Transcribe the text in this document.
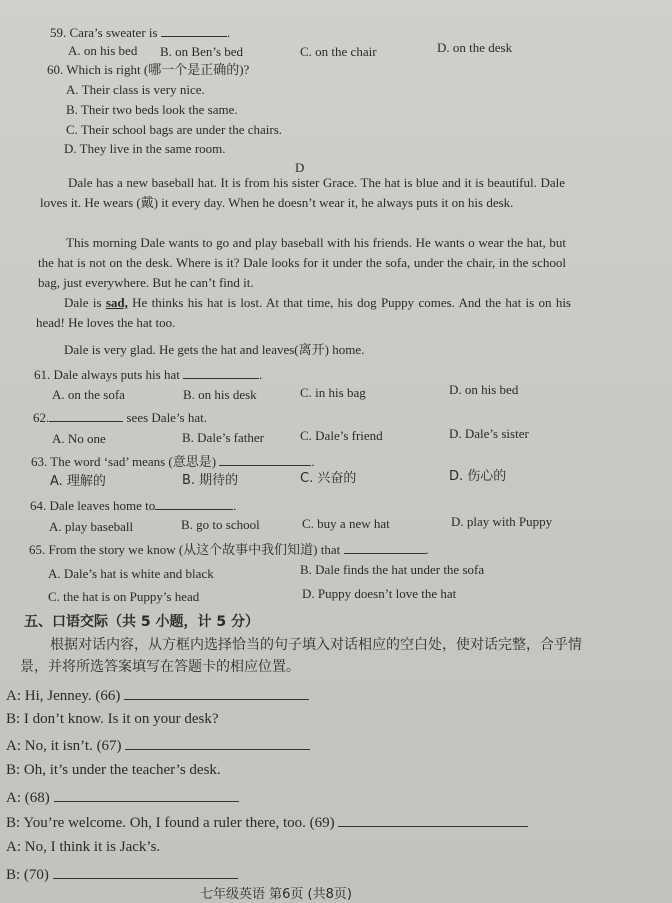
59. Cara’s sweater is	.
A. on his bed B. on Ben’s bed	C. on the chair	D. on the desk
60. Which is right (哪一个是正确的)?
A. Their class is very nice.
B. Their two beds look the same.
C. Their school bags are under the chairs.
D. They live in the same room.
D
Dale has a new baseball hat. It is from his sister Grace. The hat is blue and it is beautiful. Dale loves it. He wears (戴) it every day. When he doesn’t wear it, he always puts it on his desk.
This morning Dale wants to go and play baseball with his friends. He wants o wear the hat, but the hat is not on the desk. Where is it? Dale looks for it under the sofa, under the chair, in the school bag, just everywhere. But he can’t find it.
Dale is sad, He thinks his hat is lost. At that time, his dog Puppy comes. And the hat is on his head! He loves the hat too.
Dale is very glad. He gets the hat and leaves(离开) home.
61. Dale always puts his hat	.
A. on the sofa	B. on his desk	C. in his bag	D. on his bed
62.	sees Dale’s hat.
A. No one	B. Dale’s father	C. Dale’s friend	D. Dale’s sister
63. The word ‘sad’ means (意思是)	.
A. 理解的	B. 期待的	C. 兴奋的	D. 伤心的
64. Dale leaves home to	.
A. play baseball	B. go to school	C. buy a new hat	D. play with Puppy
65. From the story we know (从这个故事中我们知道) that	.
A. Dale’s hat is white and black	B. Dale finds the hat under the sofa
C. the hat is on Puppy’s head	D. Puppy doesn’t love the hat
五、口语交际（共 5 小题，计 5 分）
根据对话内容，从方框内选择恰当的句子填入对话相应的空白处，使对话完整，合乎情景，并将所选答案填写在答题卡的相应位置。
A: Hi, Jenney. (66)
B: I don’t know. Is it on your desk?
A: No, it isn’t. (67)
B: Oh, it’s under the teacher’s desk.
A: (68)
B: You’re welcome. Oh, I found a ruler there, too. (69)
A: No, I think it is Jack’s.
B: (70)
七年级英语 第6页 (共8页)
